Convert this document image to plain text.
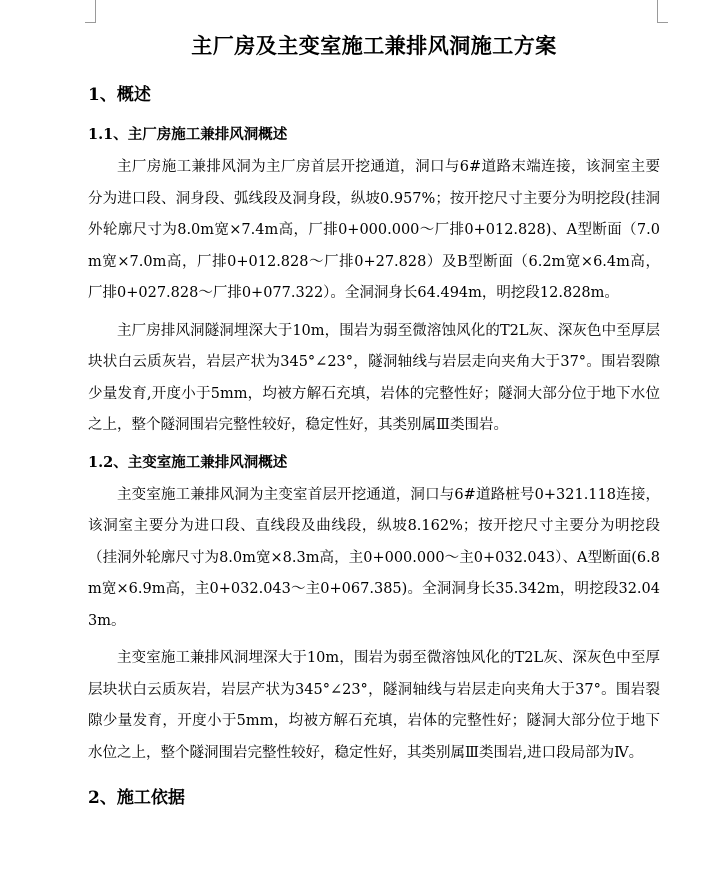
主厂房及主变室施工兼排风洞施工方案
1、概述
1.1、主厂房施工兼排风洞概述

主厂房施工兼排风洞为主厂房首层开挖通道，洞口与6#道路末端连接，该洞室主要分为进口段、洞身段、弧线段及洞身段，纵坡0.957%；按开挖尺寸主要分为明挖段(挂洞外轮廓尺寸为8.0m宽×7.4m高，厂排0+000.000～厂排0+012.828)、A型断面（7.0m宽×7.0m高，厂排0+012.828～厂排0+27.828）及B型断面（6.2m宽×6.4m高，厂排0+027.828～厂排0+077.322）。全洞洞身长64.494m，明挖段12.828m。

主厂房排风洞隧洞埋深大于10m，围岩为弱至微溶蚀风化的T2L灰、深灰色中至厚层块状白云质灰岩，岩层产状为345°∠23°，隧洞轴线与岩层走向夹角大于37°。围岩裂隙少量发育,开度小于5mm，均被方解石充填，岩体的完整性好；隧洞大部分位于地下水位之上，整个隧洞围岩完整性较好，稳定性好，其类别属Ⅲ类围岩。

1.2、主变室施工兼排风洞概述

主变室施工兼排风洞为主变室首层开挖通道，洞口与6#道路桩号0+321.118连接，该洞室主要分为进口段、直线段及曲线段，纵坡8.162%；按开挖尺寸主要分为明挖段（挂洞外轮廓尺寸为8.0m宽×8.3m高，主0+000.000～主0+032.043）、A型断面(6.8m宽×6.9m高，主0+032.043～主0+067.385)。全洞洞身长35.342m，明挖段32.043m。

主变室施工兼排风洞埋深大于10m，围岩为弱至微溶蚀风化的T2L灰、深灰色中至厚层块状白云质灰岩，岩层产状为345°∠23°，隧洞轴线与岩层走向夹角大于37°。围岩裂隙少量发育，开度小于5mm，均被方解石充填，岩体的完整性好；隧洞大部分位于地下水位之上，整个隧洞围岩完整性较好，稳定性好，其类别属Ⅲ类围岩,进口段局部为Ⅳ。

2、施工依据
